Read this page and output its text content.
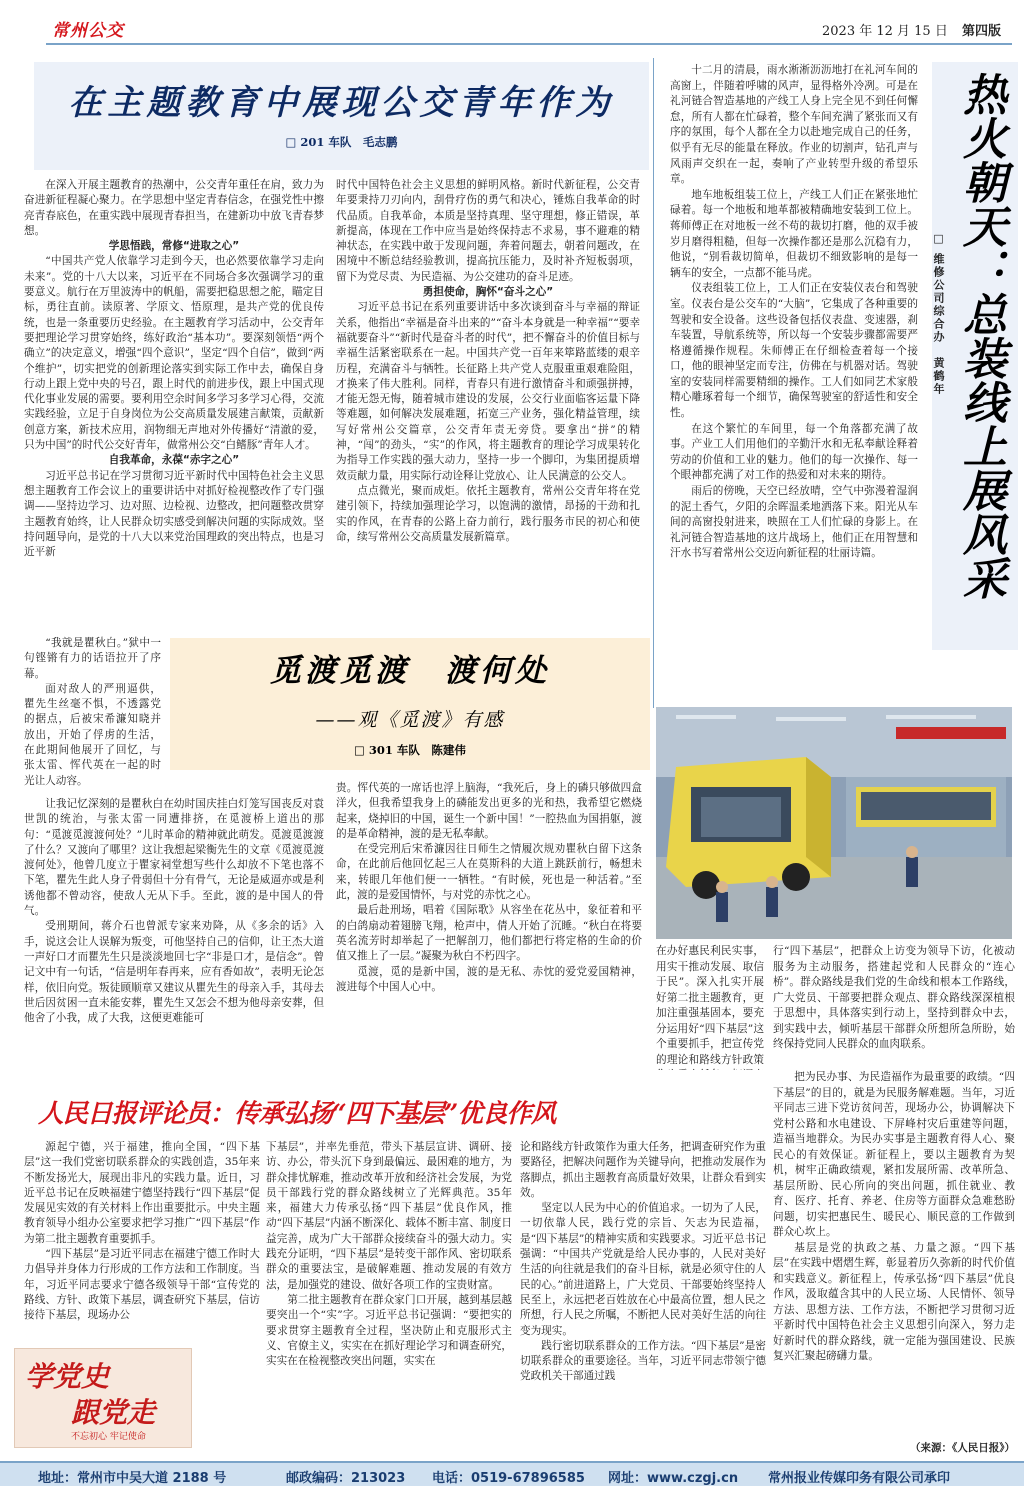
常州公交	2023 年 12 月 15 日 第四版
在主题教育中展现公交青年作为
□ 201 车队　毛志鹏

在深入开展主题教育的热潮中，公交青年重任在肩，致力为奋进新征程凝心聚力。在学思想中坚定青春信念，在强党性中擦亮青春底色，在重实践中展现青春担当，在建新功中放飞青春梦想。

学思悟践，常修“进取之心”

“中国共产党人依靠学习走到今天，也必然要依靠学习走向未来”。党的十八大以来，习近平在不同场合多次强调学习的重要意义。航行在万里波涛中的帆船，需要把稳思想之舵，瞄定目标，勇往直前。读原著、学原文、悟原理，是共产党的优良传统，也是一条重要历史经验。在主题教育学习活动中，公交青年要把理论学习贯穿始终，练好政治“基本功”。要深刻领悟“两个确立”的决定意义，增强“四个意识”，坚定“四个自信”，做到“两个维护”，切实把党的创新理论落实到实际工作中去，确保自身行动上跟上党中央的号召，跟上时代的前进步伐，跟上中国式现代化事业发展的需要。要利用空余时间多学习多学习心得，交流实践经验，立足于自身岗位为公交高质量发展建言献策，贡献新创意方案，新技术应用，润物细无声地对外传播好“清澈的爱，只为中国”的时代公交好青年，做常州公交“白鳍豚”青年人才。

自我革命，永葆“赤字之心”

习近平总书记在学习贯彻习近平新时代中国特色社会主义思想主题教育工作会议上的重要讲话中对抓好检视整改作了专门强调——坚持边学习、边对照、边检视、边整改，把问题整改贯穿主题教育始终，让人民群众切实感受到解决问题的实际成效。坚持问题导向，是党的十八大以来党治国理政的突出特点，也是习近平新

时代中国特色社会主义思想的鲜明风格。新时代新征程，公交青年要秉持刀刃向内，刮骨疗伤的勇气和决心，锤炼自我革命的时代品质。自我革命，本质是坚持真理、坚守理想，修正错误，革新提高，体现在工作中应当是始终保持志不求易，事不避难的精神状态，在实践中敢于发现问题，奔着问题去，朝着问题改，在困境中不断总结经验教训，提高抗压能力，及时补齐短板弱项，留下为党尽责、为民造福、为公交建功的奋斗足迹。

勇担使命，胸怀“奋斗之心”

习近平总书记在系列重要讲话中多次谈到奋斗与幸福的辩证关系，他指出“幸福是奋斗出来的”“奋斗本身就是一种幸福”“要幸福就要奋斗”“新时代是奋斗者的时代”，把不懈奋斗的价值目标与幸福生活紧密联系在一起。中国共产党一百年来筚路蓝缕的艰辛历程，充满奋斗与牺牲。长征路上共产党人克服重重艰难险阻，才换来了伟大胜利。同样，青春只有进行激情奋斗和顽强拼搏，才能无怨无悔，随着城市建设的发展，公交行业面临客运量下降等难题，如何解决发展难题，拓宽三产业务，强化精益管理，续写好常州公交篇章，公交青年责无旁贷。要拿出“拼”的精神，“闯”的劲头，“实”的作风，将主题教育的理论学习成果转化为指导工作实践的强大动力，坚持一步一个脚印，为集团提质增效贡献力量，用实际行动诠释让党放心、让人民满意的公交人。

点点微光，聚而成炬。依托主题教育，常州公交青年将在党建引领下，持续加强理论学习，以饱满的激情，昂扬的干劲和扎实的作风，在青春的公路上奋力前行，践行服务市民的初心和使命，续写常州公交高质量发展新篇章。

十二月的清晨，雨水淅淅沥沥地打在礼河车间的高窗上，伴随着呼啸的风声，显得格外冷冽。可是在礼河链合智造基地的产线工人身上完全见不到任何懈怠，所有人都在忙碌着，整个车间充满了紧张而又有序的氛围，每个人都在全力以赴地完成自己的任务，似乎有无尽的能量在释放。作业的切割声，钻孔声与风雨声交织在一起，奏响了产业转型升级的希望乐章。

地车地板组装工位上，产线工人们正在紧张地忙碌着。每一个地板和地革都被精确地安装到工位上。蒋师傅正在对地板一丝不苟的裁切打磨，他的双手被岁月磨得粗糙，但每一次操作都还是那么沉稳有力，他说，“别看裁切简单，但裁切不细致影响的是每一辆车的安全，一点都不能马虎。

仪表组装工位上，工人们正在安装仪表台和驾驶室。仪表台是公交车的“大脑”，它集成了各种重要的驾驶和安全设备。这些设备包括仪表盘、变速器，刹车装置，导航系统等，所以每一个安装步骤都需要严格遵循操作规程。朱师傅正在仔细检查着每一个接口，他的眼神坚定而专注，仿佛在与机器对话。驾驶室的安装同样需要精细的操作。工人们如同艺术家般精心雕琢着每一个细节，确保驾驶室的舒适性和安全性。

在这个繁忙的车间里，每一个角落都充满了故事。产业工人们用他们的辛勤汗水和无私奉献诠释着劳动的价值和工业的魅力。他们的每一次操作、每一个眼神都充满了对工作的热爱和对未来的期待。

雨后的傍晚，天空已经放晴，空气中弥漫着湿润的泥土香气，夕阳的余晖温柔地洒落下来。阳光从车间的高窗投射进来，映照在工人们忙碌的身影上。在礼河链合智造基地的这片战场上，他们正在用智慧和汗水书写着常州公交迈向新征程的壮丽诗篇。	热火朝天：总装线上展风采
□ 维修公司综合办　黄鹤年
觅渡觅渡　渡何处
——观《觅渡》有感
□ 301 车队　陈建伟

“我就是瞿秋白。”狱中一句铿锵有力的话语拉开了序幕。

面对敌人的严刑逼供，瞿先生丝毫不惧，不透露党的据点，后被宋希濂知晓并放出，开始了俘虏的生活，在此期间他展开了回忆，与张太雷、恽代英在一起的时光让人动容。

让我记忆深刻的是瞿秋白在幼时国庆挂白灯笼写国丧反对袁世凯的统治，与张太雷一同遭排挤，在觅渡桥上道出的那句：“觅渡觅渡渡何处？”儿时革命的精神就此萌发。觅渡觅渡渡了什么？又渡向了哪里？这让我想起梁衡先生的文章《觅渡觅渡渡何处》，他曾几度立于瞿家祠堂想写些什么却放不下笔也落不下笔，瞿先生此人身子骨弱但十分有骨气，无论是威逼亦或是利诱他都不曾动容，使敌人无从下手。至此，渡的是中国人的骨气。

受刑期间，蒋介石也曾派专家来劝降，从《多余的话》入手，说这会让人误解为叛变，可他坚持自己的信仰，让王杰大道一声好口才而瞿先生只是淡淡地回七字“非是口才，是信念”。曾记文中有一句话，“信是明年春再来，应有香如故”，表明无论怎样，依旧向党。叛徒顾顺章又建议从瞿先生的母亲入手，其母去世后因贫困一直未能安葬，瞿先生又怎会不想为他母亲安葬，但他舍了小我，成了大我，这便更难能可

贵。恽代英的一席话也浮上脑海，“我死后，身上的磷只够做四盒洋火，但我希望我身上的磷能发出更多的光和热，我希望它燃烧起来，烧掉旧的中国，诞生一个新中国！”一腔热血为国捐躯，渡的是革命精神，渡的是无私奉献。

在受完刑后宋希濂因往日师生之情履次规劝瞿秋白留下这条命，在此前后他回忆起三人在莫斯科的大道上跳跃前行，畅想未来，转眼几年他们便一一牺牲。“有时候，死也是一种活着。”至此，渡的是爱国情怀，与对党的赤忱之心。

最后赴刑场，唱着《国际歌》从容坐在花丛中，象征着和平的白鸽扇动着翅膀飞翔，枪声中，倩人开始了沉睡。“秋白在将要英名流芳时却举起了一把解剖刀，他们都把行将定格的生命的价值又推上了一层。”凝聚为秋白不朽四字。

觅渡，觅的是新中国，渡的是无私、赤忱的爱党爱国精神，渡进每个中国人心中。

在办好惠民利民实事，用实干推动发展、取信于民”。深入扎实开展好第二批主题教育，更加注重强基固本，要充分运用好“四下基层”这个重要抓手，把宣传党的理论和路线方针政策

行“四下基层”，把群众上访变为领导下访，化被动服务为主动服务，搭建起党和人民群众的“连心桥”。群众路线是我们党的生命线和根本工作路线，广大党员、干部要把群众观点、群众路线深深植根于思想中，具体落实到行动上，坚持到群众中去，到实践中去，倾听基层干部群众所想所急所盼，始终保持党同人民群众的血肉联系。

人民日报评论员：传承弘扬“四下基层”优良作风

源起宁德，兴于福建，推向全国，“四下基层”这一我们党密切联系群众的实践创造，35年来不断发扬光大，展现出非凡的实践力量。近日，习近平总书记在反映福建宁德坚持践行“四下基层”促发展见实效的有关材料上作出重要批示。中央主题教育领导小组办公室要求把学习推广“四下基层”作为第二批主题教育重要抓手。

“四下基层”是习近平同志在福建宁德工作时大力倡导并身体力行形成的工作方法和工作制度。当年，习近平同志要求宁德各级领导干部“宣传党的路线、方针、政策下基层，调查研究下基层，信访接待下基层，现场办公

下基层”，并率先垂范，带头下基层宣讲、调研、接访、办公，带头沉下身到最偏远、最困难的地方，为群众排忧解难，推动改革开放和经济社会发展，为党员干部践行党的群众路线树立了光辉典范。35年来，福建大力传承弘扬“四下基层”优良作风，推动“四下基层”内涵不断深化、载体不断丰富、制度日益完善，成为广大干部群众接续奋斗的强大动力。实践充分证明，“四下基层”是转变干部作风、密切联系群众的重要法宝，是破解难题、推动发展的有效方法，是加强党的建设、做好各项工作的宝贵财富。

第二批主题教育在群众家门口开展，越到基层越要突出一个“实”字。习近平总书记强调：“要把实的要求贯穿主题教育全过程，坚决防止和克服形式主义、官僚主义，实实在在抓好理论学习和调查研究，实实在在检视整改突出问题，实实在

论和路线方针政策作为重大任务，把调查研究作为重要路径，把解决问题作为关键导向，把推动发展作为落脚点，抓出主题教育高质量好效果，让群众看到实效。

坚定以人民为中心的价值追求。一切为了人民，一切依靠人民，践行党的宗旨、矢志为民造福，是“四下基层”的精神实质和实践要求。习近平总书记强调：“中国共产党就是给人民办事的，人民对美好生活的向往就是我们的奋斗目标，就是必须守住的人民的心。”前进道路上，广大党员、干部要始终坚持人民至上，永远把老百姓放在心中最高位置，想人民之所想，行人民之所嘱，不断把人民对美好生活的向往变为现实。

践行密切联系群众的工作方法。“四下基层”是密切联系群众的重要途径。当年，习近平同志带领宁德党政机关干部通过践

把为民办事、为民造福作为最重要的政绩。“四下基层”的目的，就是为民服务解难题。当年，习近平同志三进下党访贫问苦，现场办公，协调解决下党村公路和水电建设、下屏峰村灾后重建等问题，造福当地群众。为民办实事是主题教育得人心、聚民心的有效保证。新征程上，要以主题教育为契机，树牢正确政绩观，紧扣发展所需、改革所急、基层所盼、民心所向的突出问题，抓住就业、教育、医疗、托育、养老、住房等方面群众急难愁盼问题，切实把惠民生、暖民心、顺民意的工作做到群众心坎上。

基层是党的执政之基、力量之源。“四下基层”在实践中熠熠生辉，彰显着历久弥新的时代价值和实践意义。新征程上，传承弘扬“四下基层”优良作风，汲取蕴含其中的人民立场、人民情怀、领导方法、思想方法、工作方法，不断把学习贯彻习近平新时代中国特色社会主义思想引向深入，努力走好新时代的群众路线，就一定能为强国建设、民族复兴汇聚起磅礴力量。

（来源：《人民日报》）
学党史
跟党走
不忘初心 牢记使命
地址：常州市中吴大道 2188 号	邮政编码：213023 电话：0519-67896585 网址：www.czgj.cn 常州报业传媒印务有限公司承印
